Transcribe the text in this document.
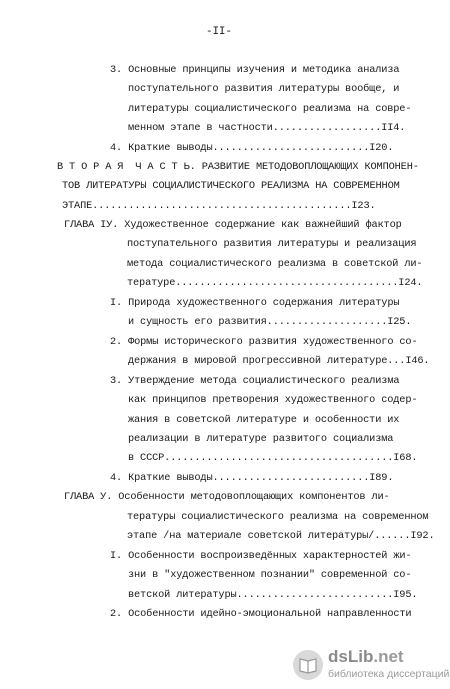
-II-
3. Основные принципы изучения и методика анализа
поступательного развития литературы вообще, и
литературы социалистического реализма на совре-
менном этапе в частности..................II4.
4. Краткие выводы..........................I20.
В Т О Р А Я  Ч А С Т Ь. РАЗВИТИЕ МЕТОДОВОПЛОЩАЮЩИХ КОМПОНЕН-
ТОВ ЛИТЕРАТУРЫ СОЦИАЛИСТИЧЕСКОГО РЕАЛИЗМА НА СОВРЕМЕННОМ
ЭТАПЕ...........................................I23.
ГЛАВА IУ. Художественное содержание как важнейший фактор
поступательного развития литературы и реализация
метода социалистического реализма в советской ли-
тературе.....................................I24.
I. Природа художественного содержания литературы
и сущность его развития....................I25.
2. Формы исторического развития художественного со-
держания в мировой прогрессивной литературе...I46.
3. Утверждение метода социалистического реализма
как принципов претворения художественного содер-
жания в советской литературе и особенности их
реализации в литературе развитого социализма
в СССР......................................I68.
4. Краткие выводы..........................I89.
ГЛАВА У. Особенности методовоплощающих компонентов ли-
тературы социалистического реализма на современном
этапе /на материале советской литературы/......I92.
I. Особенности воспроизведённых характерностей жи-
зни в "художественном познании" современной со-
ветской литературы..........................I95.
2. Особенности идейно-эмоциональной направленности
dsLib.net
библиотека диссертаций
